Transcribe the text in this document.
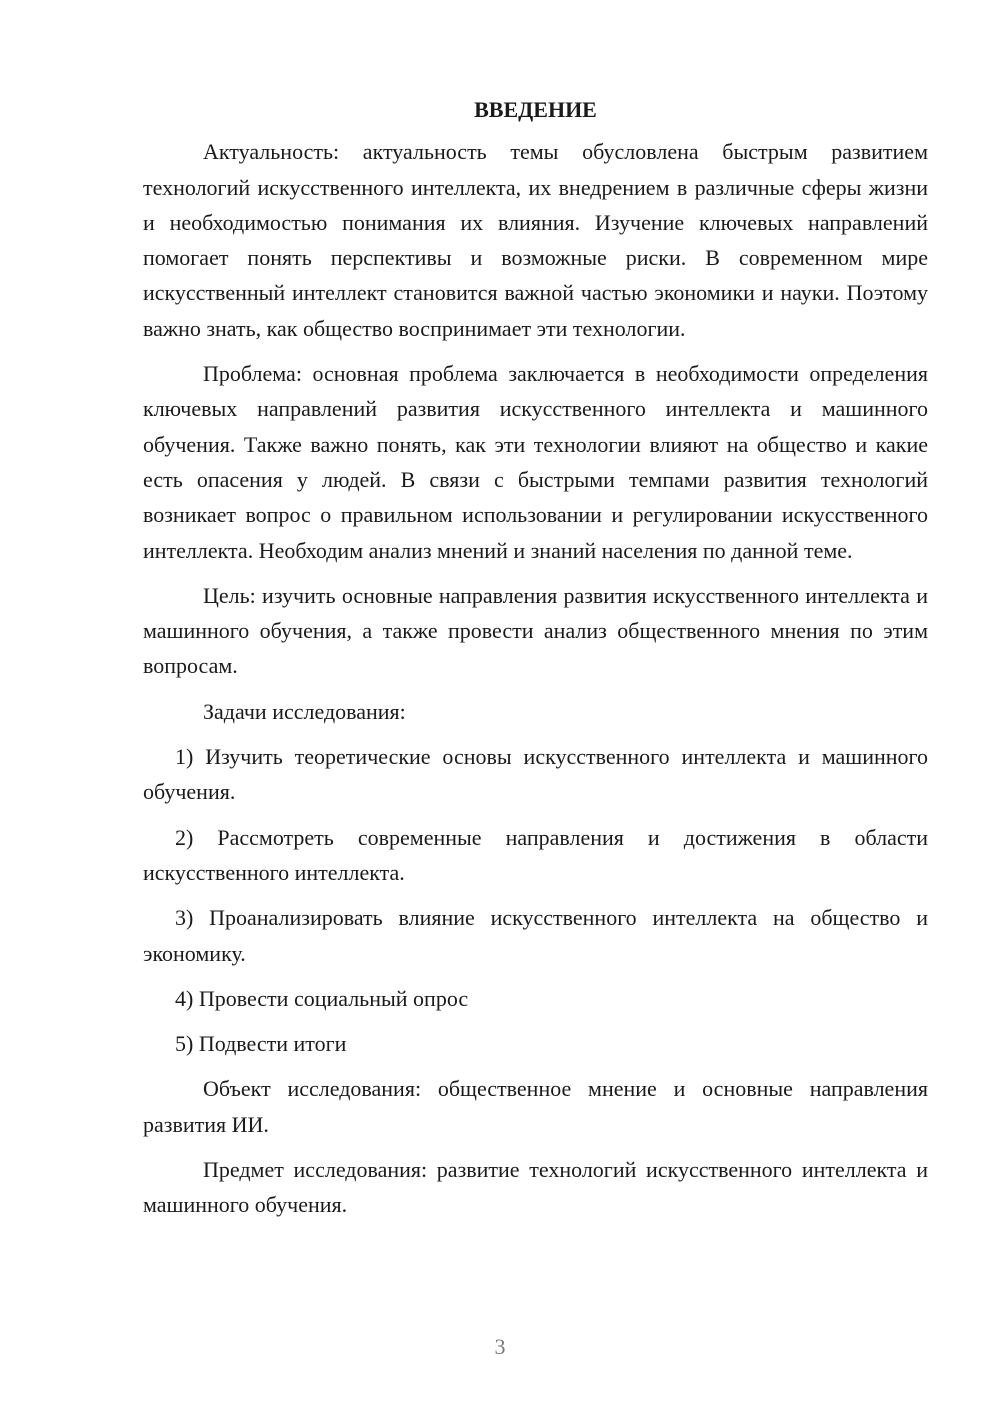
ВВЕДЕНИЕ

Актуальность: актуальность темы обусловлена быстрым развитием технологий искусственного интеллекта, их внедрением в различные сферы жизни и необходимостью понимания их влияния. Изучение ключевых направлений помогает понять перспективы и возможные риски. В современном мире искусственный интеллект становится важной частью экономики и науки. Поэтому важно знать, как общество воспринимает эти технологии.

Проблема: основная проблема заключается в необходимости определения ключевых направлений развития искусственного интеллекта и машинного обучения. Также важно понять, как эти технологии влияют на общество и какие есть опасения у людей. В связи с быстрыми темпами развития технологий возникает вопрос о правильном использовании и регулировании искусственного интеллекта. Необходим анализ мнений и знаний населения по данной теме.

Цель: изучить основные направления развития искусственного интеллекта и машинного обучения, а также провести анализ общественного мнения по этим вопросам.

Задачи исследования:

1) Изучить теоретические основы искусственного интеллекта и машинного обучения.

2) Рассмотреть современные направления и достижения в области искусственного интеллекта.

3) Проанализировать влияние искусственного интеллекта на общество и экономику.

4) Провести социальный опрос

5) Подвести итоги

Объект исследования: общественное мнение и основные направления развития ИИ.

Предмет исследования: развитие технологий искусственного интеллекта и машинного обучения.

3
